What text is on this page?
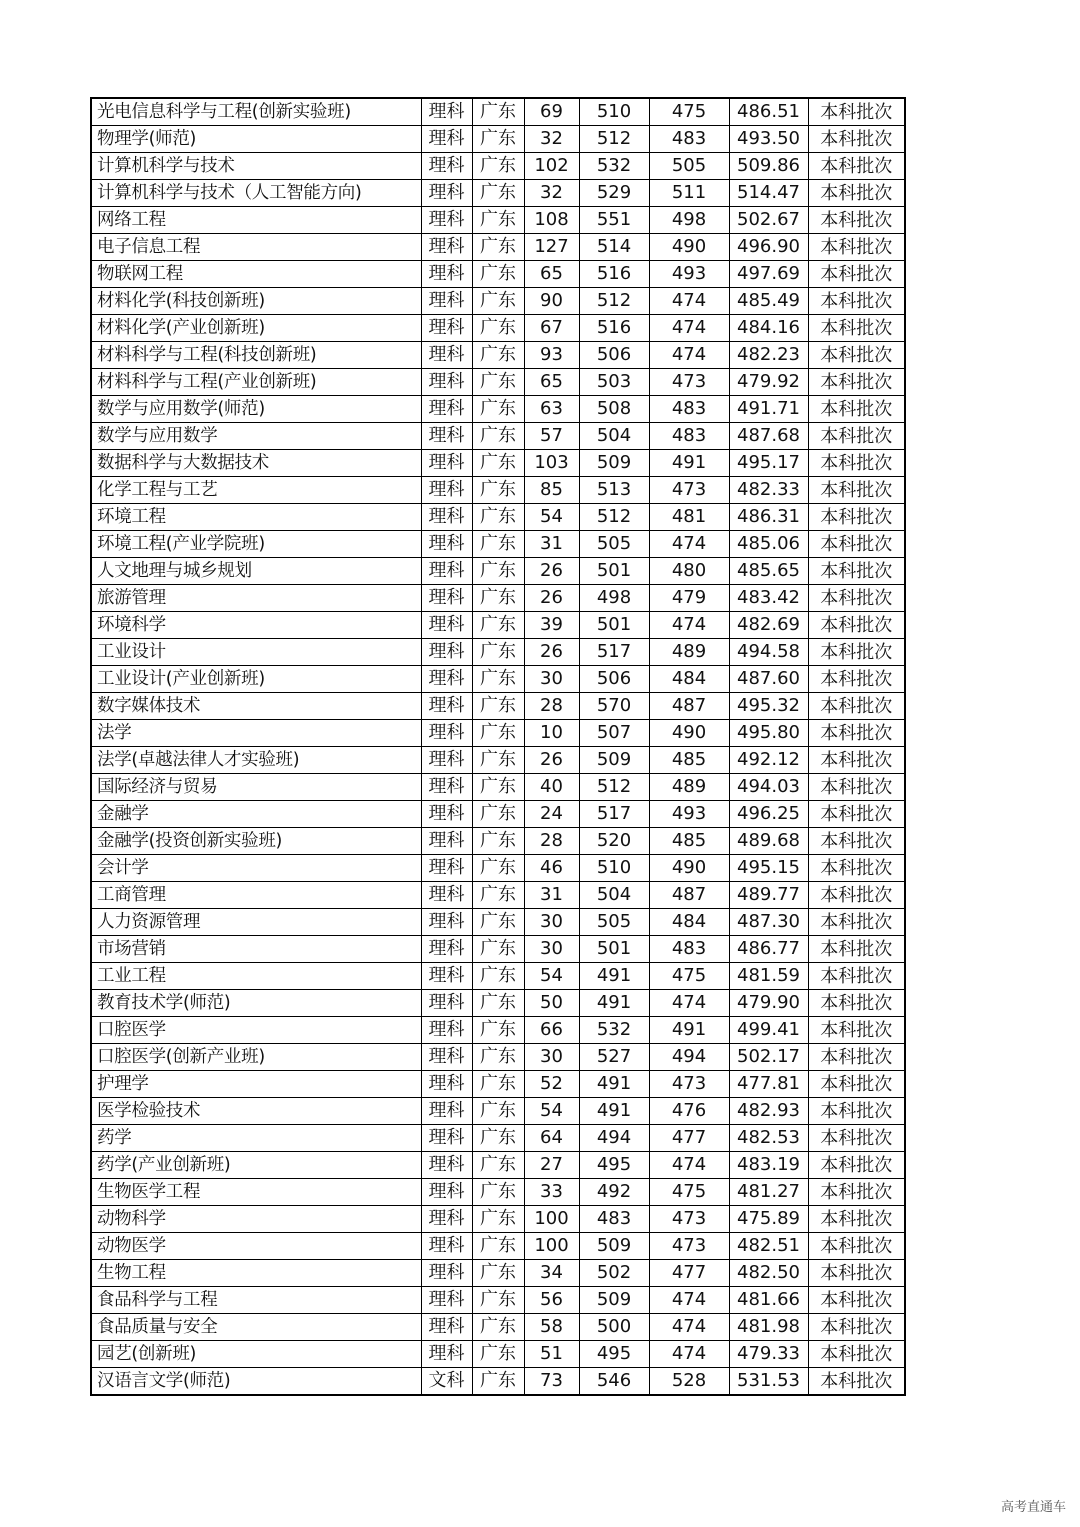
光电信息科学与工程(创新实验班)	理科	广东	69	510	475	486.51	本科批次
物理学(师范)	理科	广东	32	512	483	493.50	本科批次
计算机科学与技术	理科	广东	102	532	505	509.86	本科批次
计算机科学与技术（人工智能方向)	理科	广东	32	529	511	514.47	本科批次
网络工程	理科	广东	108	551	498	502.67	本科批次
电子信息工程	理科	广东	127	514	490	496.90	本科批次
物联网工程	理科	广东	65	516	493	497.69	本科批次
材料化学(科技创新班)	理科	广东	90	512	474	485.49	本科批次
材料化学(产业创新班)	理科	广东	67	516	474	484.16	本科批次
材料科学与工程(科技创新班)	理科	广东	93	506	474	482.23	本科批次
材料科学与工程(产业创新班)	理科	广东	65	503	473	479.92	本科批次
数学与应用数学(师范)	理科	广东	63	508	483	491.71	本科批次
数学与应用数学	理科	广东	57	504	483	487.68	本科批次
数据科学与大数据技术	理科	广东	103	509	491	495.17	本科批次
化学工程与工艺	理科	广东	85	513	473	482.33	本科批次
环境工程	理科	广东	54	512	481	486.31	本科批次
环境工程(产业学院班)	理科	广东	31	505	474	485.06	本科批次
人文地理与城乡规划	理科	广东	26	501	480	485.65	本科批次
旅游管理	理科	广东	26	498	479	483.42	本科批次
环境科学	理科	广东	39	501	474	482.69	本科批次
工业设计	理科	广东	26	517	489	494.58	本科批次
工业设计(产业创新班)	理科	广东	30	506	484	487.60	本科批次
数字媒体技术	理科	广东	28	570	487	495.32	本科批次
法学	理科	广东	10	507	490	495.80	本科批次
法学(卓越法律人才实验班)	理科	广东	26	509	485	492.12	本科批次
国际经济与贸易	理科	广东	40	512	489	494.03	本科批次
金融学	理科	广东	24	517	493	496.25	本科批次
金融学(投资创新实验班)	理科	广东	28	520	485	489.68	本科批次
会计学	理科	广东	46	510	490	495.15	本科批次
工商管理	理科	广东	31	504	487	489.77	本科批次
人力资源管理	理科	广东	30	505	484	487.30	本科批次
市场营销	理科	广东	30	501	483	486.77	本科批次
工业工程	理科	广东	54	491	475	481.59	本科批次
教育技术学(师范)	理科	广东	50	491	474	479.90	本科批次
口腔医学	理科	广东	66	532	491	499.41	本科批次
口腔医学(创新产业班)	理科	广东	30	527	494	502.17	本科批次
护理学	理科	广东	52	491	473	477.81	本科批次
医学检验技术	理科	广东	54	491	476	482.93	本科批次
药学	理科	广东	64	494	477	482.53	本科批次
药学(产业创新班)	理科	广东	27	495	474	483.19	本科批次
生物医学工程	理科	广东	33	492	475	481.27	本科批次
动物科学	理科	广东	100	483	473	475.89	本科批次
动物医学	理科	广东	100	509	473	482.51	本科批次
生物工程	理科	广东	34	502	477	482.50	本科批次
食品科学与工程	理科	广东	56	509	474	481.66	本科批次
食品质量与安全	理科	广东	58	500	474	481.98	本科批次
园艺(创新班)	理科	广东	51	495	474	479.33	本科批次
汉语言文学(师范)	文科	广东	73	546	528	531.53	本科批次
高考直通车
